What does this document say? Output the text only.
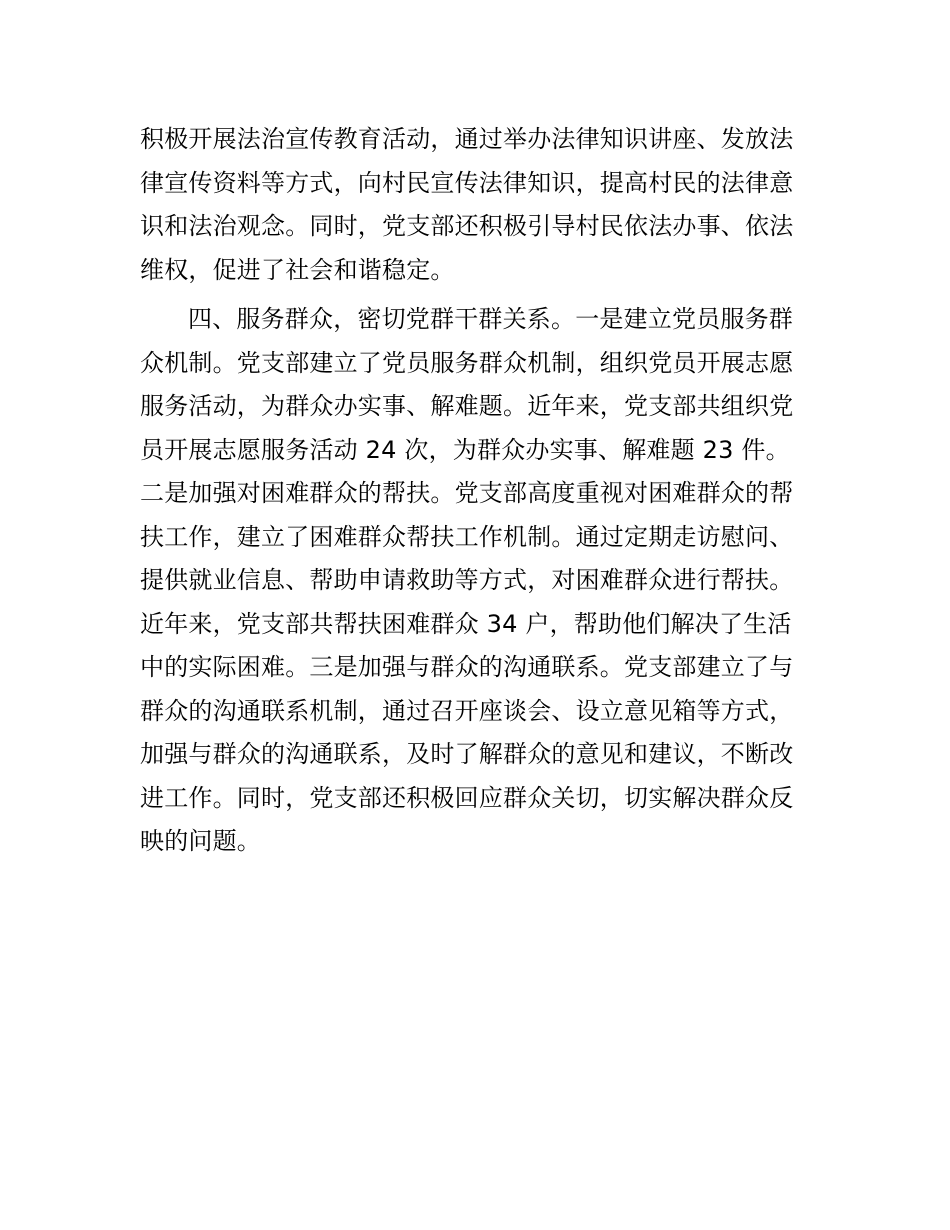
积极开展法治宣传教育活动，通过举办法律知识讲座、发放法
律宣传资料等方式，向村民宣传法律知识，提高村民的法律意
识和法治观念。同时，党支部还积极引导村民依法办事、依法
维权，促进了社会和谐稳定。
四、服务群众，密切党群干群关系。一是建立党员服务群
众机制。党支部建立了党员服务群众机制，组织党员开展志愿
服务活动，为群众办实事、解难题。近年来，党支部共组织党
员开展志愿服务活动 24 次，为群众办实事、解难题 23 件。
二是加强对困难群众的帮扶。党支部高度重视对困难群众的帮
扶工作，建立了困难群众帮扶工作机制。通过定期走访慰问、
提供就业信息、帮助申请救助等方式，对困难群众进行帮扶。
近年来，党支部共帮扶困难群众 34 户，帮助他们解决了生活
中的实际困难。三是加强与群众的沟通联系。党支部建立了与
群众的沟通联系机制，通过召开座谈会、设立意见箱等方式，
加强与群众的沟通联系，及时了解群众的意见和建议，不断改
进工作。同时，党支部还积极回应群众关切，切实解决群众反
映的问题。
